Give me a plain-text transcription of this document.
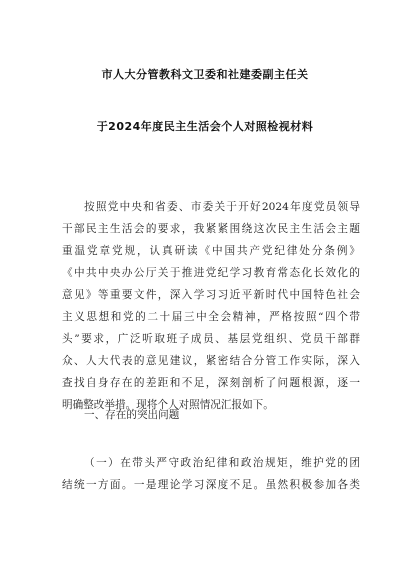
市人大分管教科文卫委和社建委副主任关
于2024年度民主生活会个人对照检视材料
按照党中央和省委、市委关于开好2024年度党员领导
干部民主生活会的要求，我紧紧围绕这次民主生活会主题
重温党章党规，认真研读《中国共产党纪律处分条例》
《中共中央办公厅关于推进党纪学习教育常态化长效化的
意见》等重要文件，深入学习习近平新时代中国特色社会
主义思想和党的二十届三中全会精神，严格按照“四个带
头”要求，广泛听取班子成员、基层党组织、党员干部群
众、人大代表的意见建议，紧密结合分管工作实际，深入
查找自身存在的差距和不足，深刻剖析了问题根源，逐一
明确整改举措。现将个人对照情况汇报如下。
一、存在的突出问题
（一）在带头严守政治纪律和政治规矩，维护党的团
结统一方面。一是理论学习深度不足。虽然积极参加各类
